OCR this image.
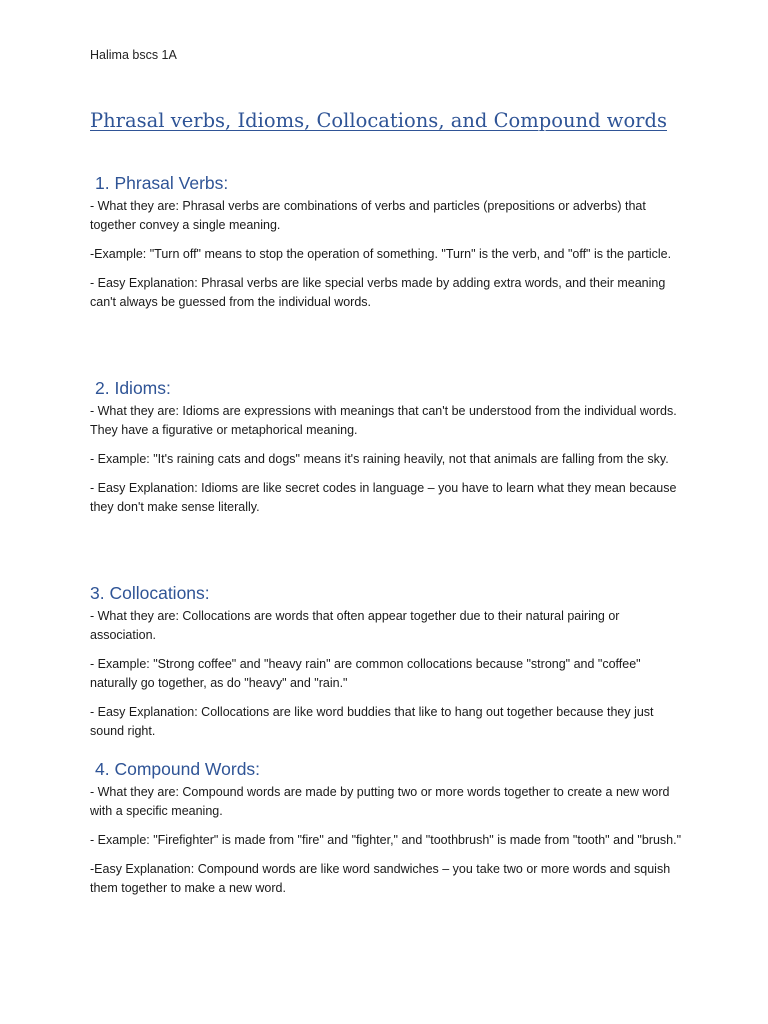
Halima bscs 1A
Phrasal verbs, Idioms, Collocations, and Compound words
1. Phrasal Verbs:

- What they are: Phrasal verbs are combinations of verbs and particles (prepositions or adverbs) that together convey a single meaning.

-Example: "Turn off" means to stop the operation of something. "Turn" is the verb, and "off" is the particle.

- Easy Explanation: Phrasal verbs are like special verbs made by adding extra words, and their meaning can't always be guessed from the individual words.

2. Idioms:

- What they are: Idioms are expressions with meanings that can't be understood from the individual words. They have a figurative or metaphorical meaning.

- Example: "It's raining cats and dogs" means it's raining heavily, not that animals are falling from the sky.

- Easy Explanation: Idioms are like secret codes in language – you have to learn what they mean because they don't make sense literally.

3. Collocations:

- What they are: Collocations are words that often appear together due to their natural pairing or association.

- Example: "Strong coffee" and "heavy rain" are common collocations because "strong" and "coffee" naturally go together, as do "heavy" and "rain."

- Easy Explanation: Collocations are like word buddies that like to hang out together because they just sound right.

4. Compound Words:

- What they are: Compound words are made by putting two or more words together to create a new word with a specific meaning.

- Example: "Firefighter" is made from "fire" and "fighter," and "toothbrush" is made from "tooth" and "brush."

-Easy Explanation: Compound words are like word sandwiches – you take two or more words and squish them together to make a new word.
